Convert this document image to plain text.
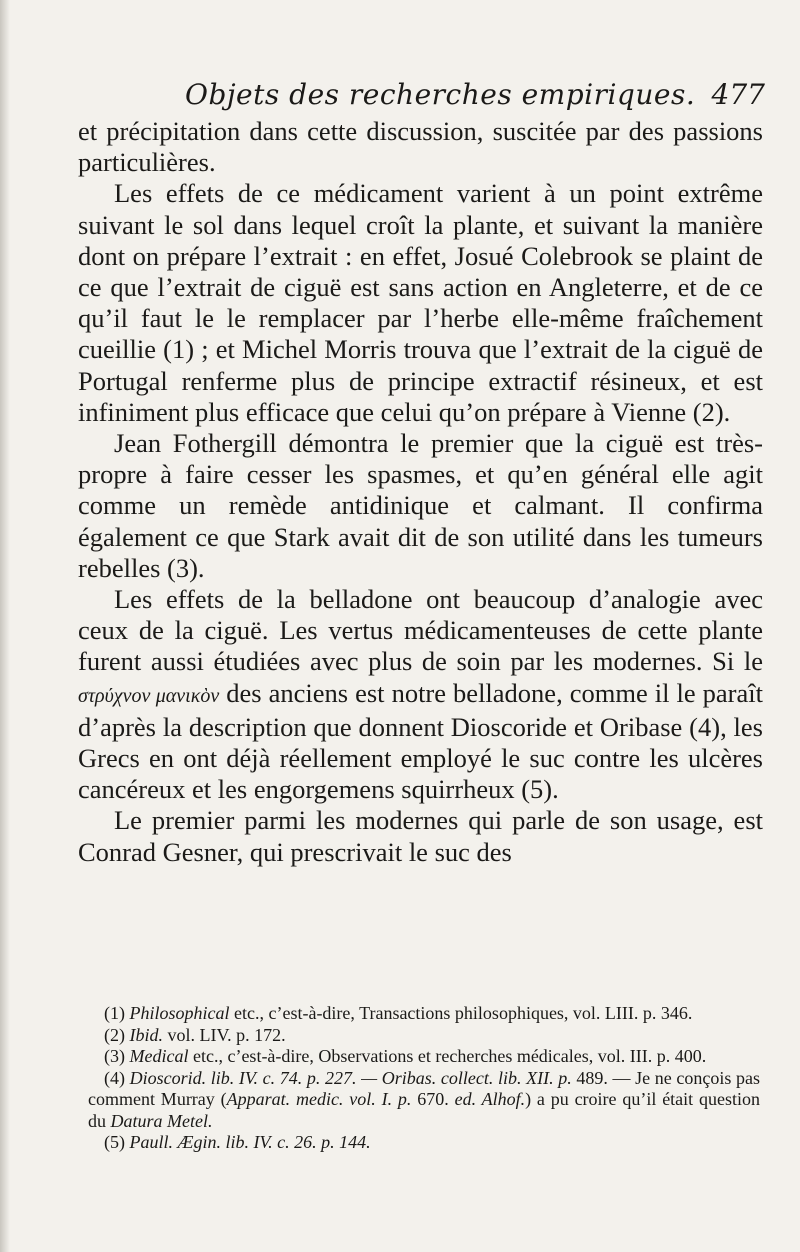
Objets des recherches empiriques. 477

et précipitation dans cette discussion, suscitée par des passions particulières.

Les effets de ce médicament varient à un point extrême suivant le sol dans lequel croît la plante, et suivant la manière dont on prépare l’extrait : en effet, Josué Colebrook se plaint de ce que l’extrait de ciguë est sans action en Angleterre, et de ce qu’il faut le le remplacer par l’herbe elle-même fraîchement cueillie (1) ; et Michel Morris trouva que l’extrait de la ciguë de Portugal renferme plus de principe extractif résineux, et est infiniment plus efficace que celui qu’on prépare à Vienne (2).

Jean Fothergill démontra le premier que la ciguë est très-propre à faire cesser les spasmes, et qu’en général elle agit comme un remède antidinique et calmant. Il confirma également ce que Stark avait dit de son utilité dans les tumeurs rebelles (3).

Les effets de la belladone ont beaucoup d’analogie avec ceux de la ciguë. Les vertus médicamenteuses de cette plante furent aussi étudiées avec plus de soin par les modernes. Si le στρύχνον μανικὸν des anciens est notre belladone, comme il le paraît d’après la description que donnent Dioscoride et Oribase (4), les Grecs en ont déjà réellement employé le suc contre les ulcères cancéreux et les engorgemens squirrheux (5).

Le premier parmi les modernes qui parle de son usage, est Conrad Gesner, qui prescrivait le suc des

(1) Philosophical etc., c’est-à-dire, Transactions philosophiques, vol. LIII. p. 346.

(2) Ibid. vol. LIV. p. 172.

(3) Medical etc., c’est-à-dire, Observations et recherches médicales, vol. III. p. 400.

(4) Dioscorid. lib. IV. c. 74. p. 227. — Oribas. collect. lib. XII. p. 489. — Je ne conçois pas comment Murray (Apparat. medic. vol. I. p. 670. ed. Alhof.) a pu croire qu’il était question du Datura Metel.

(5) Paull. Ægin. lib. IV. c. 26. p. 144.
